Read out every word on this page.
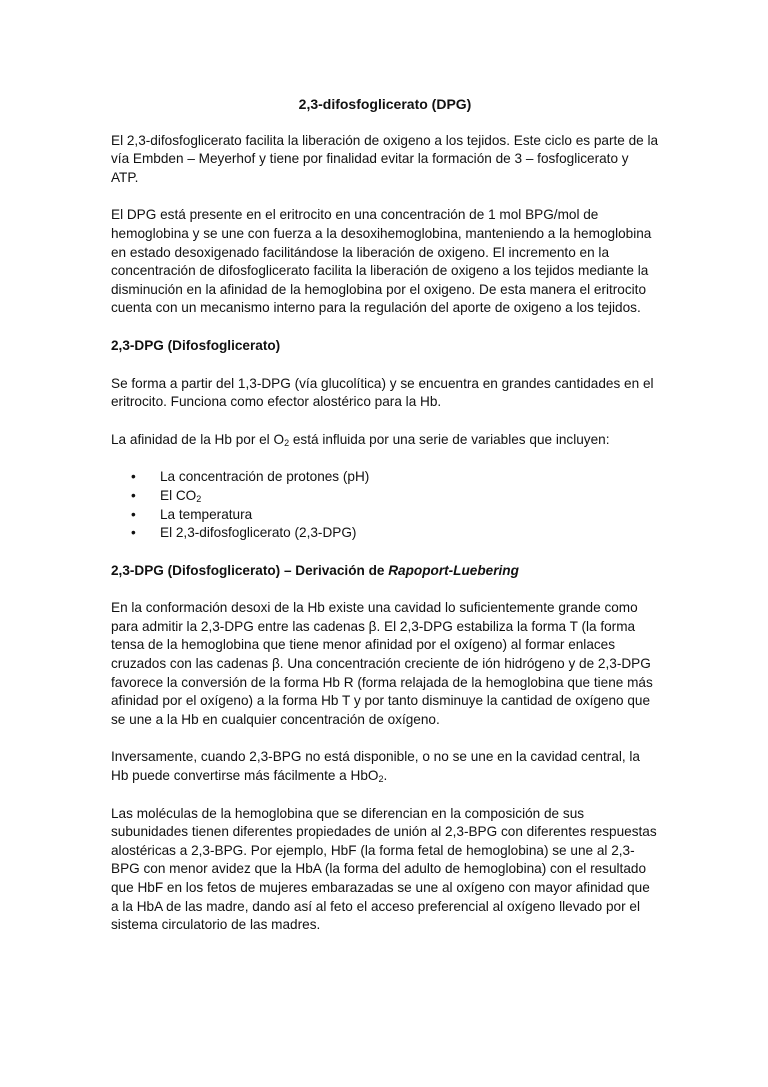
2,3-difosfoglicerato (DPG)

El 2,3-difosfoglicerato facilita la liberación de oxigeno a los tejidos. Este ciclo es parte de la vía Embden – Meyerhof y tiene por finalidad evitar la formación de 3 – fosfoglicerato y ATP.

El DPG está presente en el eritrocito en una concentración de 1 mol BPG/mol de hemoglobina y se une con fuerza a la desoxihemoglobina, manteniendo a la hemoglobina en estado desoxigenado facilitándose la liberación de oxigeno. El incremento en la concentración de difosfoglicerato facilita la liberación de oxigeno a los tejidos mediante la disminución en la afinidad de la hemoglobina por el oxigeno. De esta manera el eritrocito cuenta con un mecanismo interno para la regulación del aporte de oxigeno a los tejidos.

2,3-DPG (Difosfoglicerato)

Se forma a partir del 1,3-DPG (vía glucolítica) y se encuentra en grandes cantidades en el eritrocito. Funciona como efector alostérico para la Hb.

La afinidad de la Hb por el $O_2$ está influida por una serie de variables que incluyen:

• La concentración de protones (pH)
• El $CO_2$
• La temperatura
• El 2,3-difosfoglicerato (2,3-DPG)
2,3-DPG (Difosfoglicerato) – Derivación de Rapoport-Luebering

En la conformación desoxi de la Hb existe una cavidad lo suficientemente grande como para admitir la 2,3-DPG entre las cadenas β. El 2,3-DPG estabiliza la forma T (la forma tensa de la hemoglobina que tiene menor afinidad por el oxígeno) al formar enlaces cruzados con las cadenas β. Una concentración creciente de ión hidrógeno y de 2,3-DPG favorece la conversión de la forma Hb R (forma relajada de la hemoglobina que tiene más afinidad por el oxígeno) a la forma Hb T y por tanto disminuye la cantidad de oxígeno que se une a la Hb en cualquier concentración de oxígeno.

Inversamente, cuando 2,3-BPG no está disponible, o no se une en la cavidad central, la Hb puede convertirse más fácilmente a HbO$_2$.

Las moléculas de la hemoglobina que se diferencian en la composición de sus subunidades tienen diferentes propiedades de unión al 2,3-BPG con diferentes respuestas alostéricas a 2,3-BPG. Por ejemplo, HbF (la forma fetal de hemoglobina) se une al 2,3-BPG con menor avidez que la HbA (la forma del adulto de hemoglobina) con el resultado que HbF en los fetos de mujeres embarazadas se une al oxígeno con mayor afinidad que a la HbA de las madre, dando así al feto el acceso preferencial al oxígeno llevado por el sistema circulatorio de las madres.
